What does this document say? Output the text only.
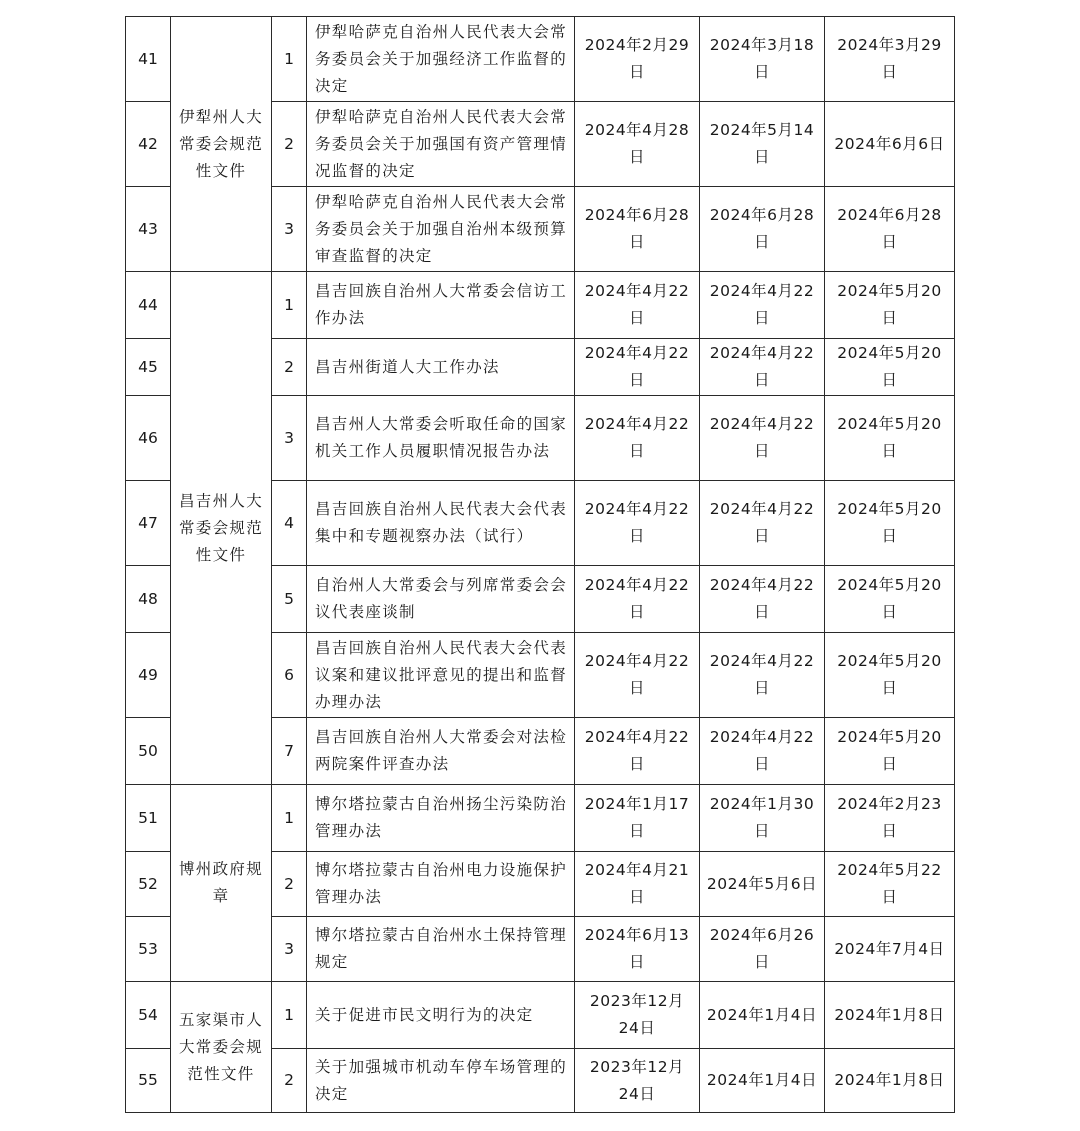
41	伊犁州人大常委会规范性文件	1	伊犁哈萨克自治州人民代表大会常务委员会关于加强经济工作监督的决定	2024年2月29日	2024年3月18日	2024年3月29日
42		2	伊犁哈萨克自治州人民代表大会常务委员会关于加强国有资产管理情况监督的决定	2024年4月28日	2024年5月14日	2024年6月6日
43		3	伊犁哈萨克自治州人民代表大会常务委员会关于加强自治州本级预算审查监督的决定	2024年6月28日	2024年6月28日	2024年6月28日
44	昌吉州人大常委会规范性文件	1	昌吉回族自治州人大常委会信访工作办法	2024年4月22日	2024年4月22日	2024年5月20日
45		2	昌吉州街道人大工作办法	2024年4月22日	2024年4月22日	2024年5月20日
46		3	昌吉州人大常委会听取任命的国家机关工作人员履职情况报告办法	2024年4月22日	2024年4月22日	2024年5月20日
47		4	昌吉回族自治州人民代表大会代表集中和专题视察办法（试行）	2024年4月22日	2024年4月22日	2024年5月20日
48		5	自治州人大常委会与列席常委会会议代表座谈制	2024年4月22日	2024年4月22日	2024年5月20日
49		6	昌吉回族自治州人民代表大会代表议案和建议批评意见的提出和监督办理办法	2024年4月22日	2024年4月22日	2024年5月20日
50		7	昌吉回族自治州人大常委会对法检两院案件评查办法	2024年4月22日	2024年4月22日	2024年5月20日
51	博州政府规章	1	博尔塔拉蒙古自治州扬尘污染防治管理办法	2024年1月17日	2024年1月30日	2024年2月23日
52		2	博尔塔拉蒙古自治州电力设施保护管理办法	2024年4月21日	2024年5月6日	2024年5月22日
53		3	博尔塔拉蒙古自治州水土保持管理规定	2024年6月13日	2024年6月26日	2024年7月4日
54	五家渠市人大常委会规范性文件	1	关于促进市民文明行为的决定	2023年12月24日	2024年1月4日	2024年1月8日
55		2	关于加强城市机动车停车场管理的决定	2023年12月24日	2024年1月4日	2024年1月8日
